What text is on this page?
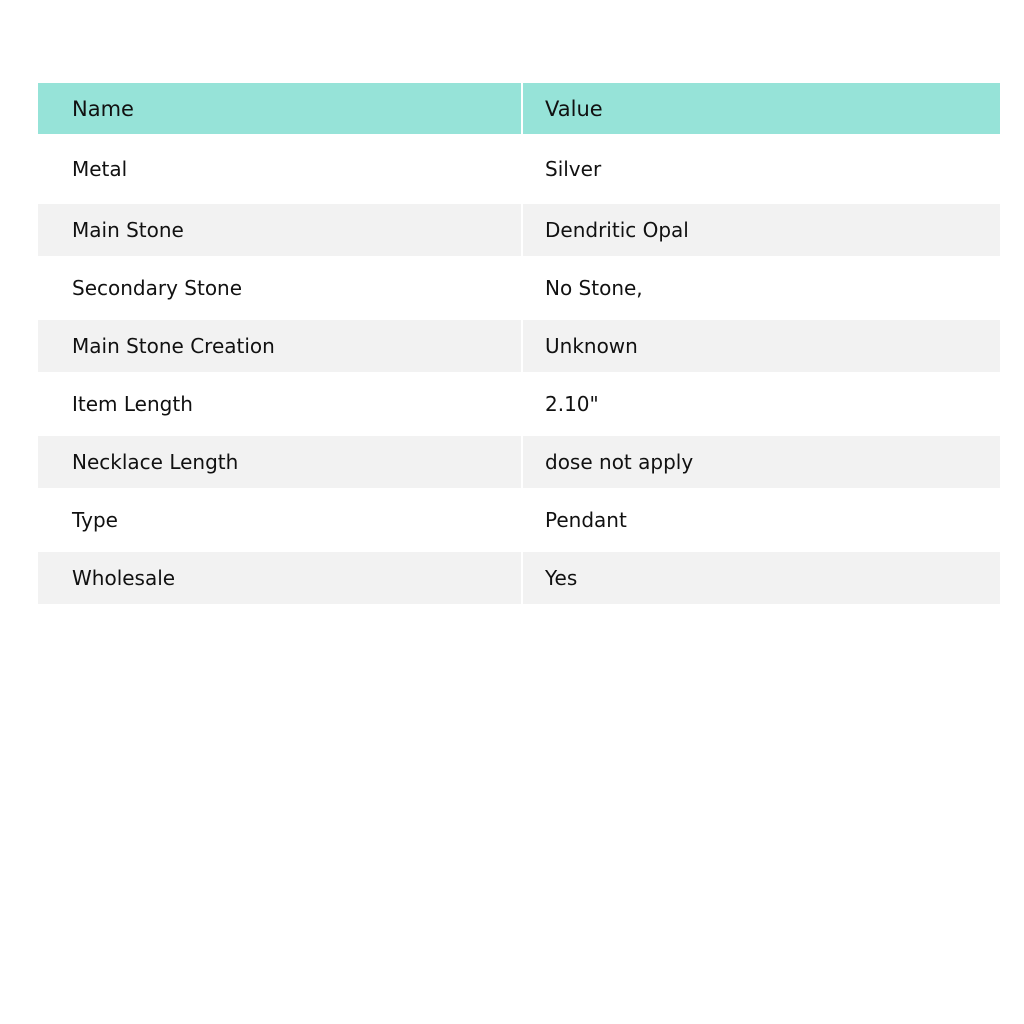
Name	Value
Metal	Silver
Main Stone	Dendritic Opal
Secondary Stone	No Stone,
Main Stone Creation	Unknown
Item Length	2.10"
Necklace Length	dose not apply
Type	Pendant
Wholesale	Yes
